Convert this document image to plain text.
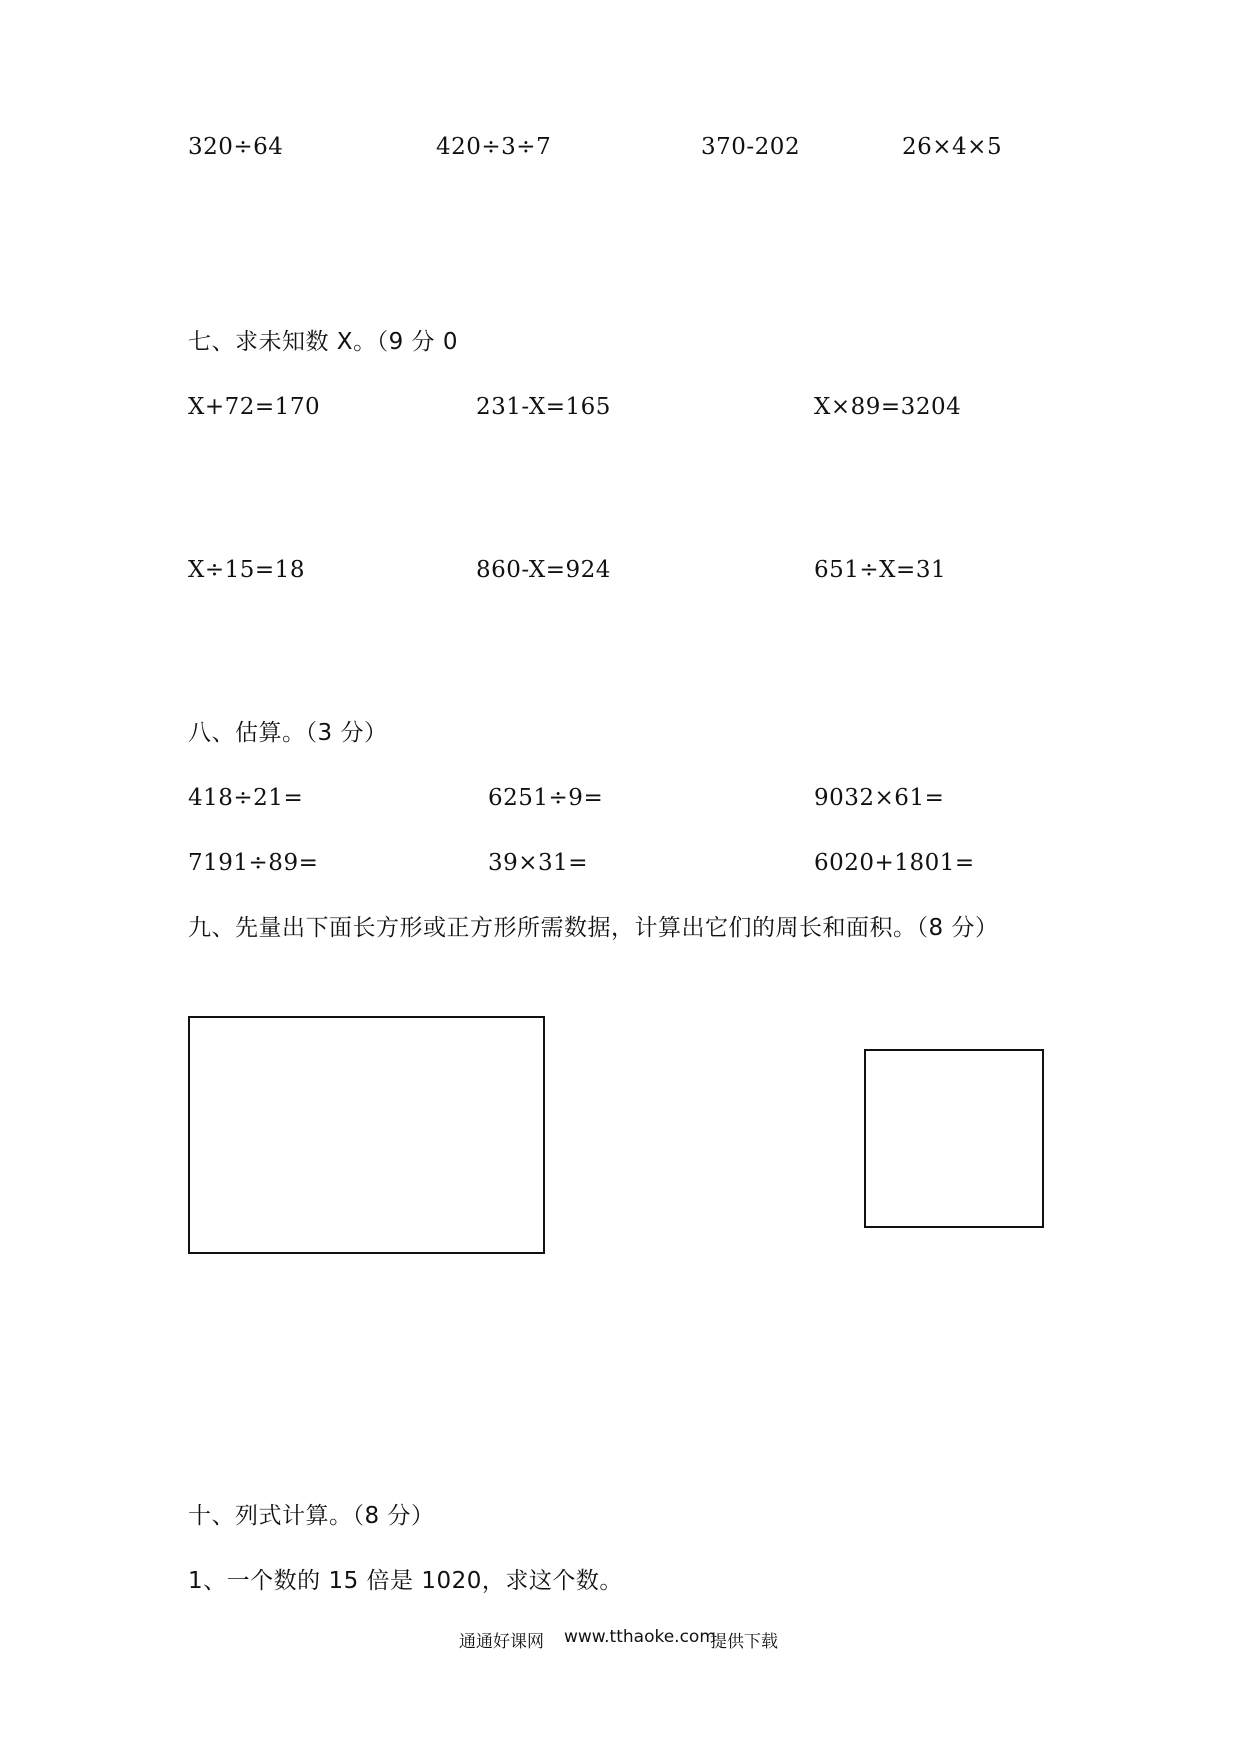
320÷64	420÷3÷7	370-202	26×4×5
七、求未知数 X。（9 分 0
X+72=170	231-X=165	X×89=3204
X÷15=18	860-X=924	651÷X=31
八、估算。（3 分）
418÷21=	6251÷9=	9032×61=
7191÷89=	39×31=	6020+1801=
九、先量出下面长方形或正方形所需数据，计算出它们的周长和面积。（8 分）
十、列式计算。（8 分）
1、一个数的 15 倍是 1020，求这个数。
通通好课网 www.tthaoke.com
提供下载
